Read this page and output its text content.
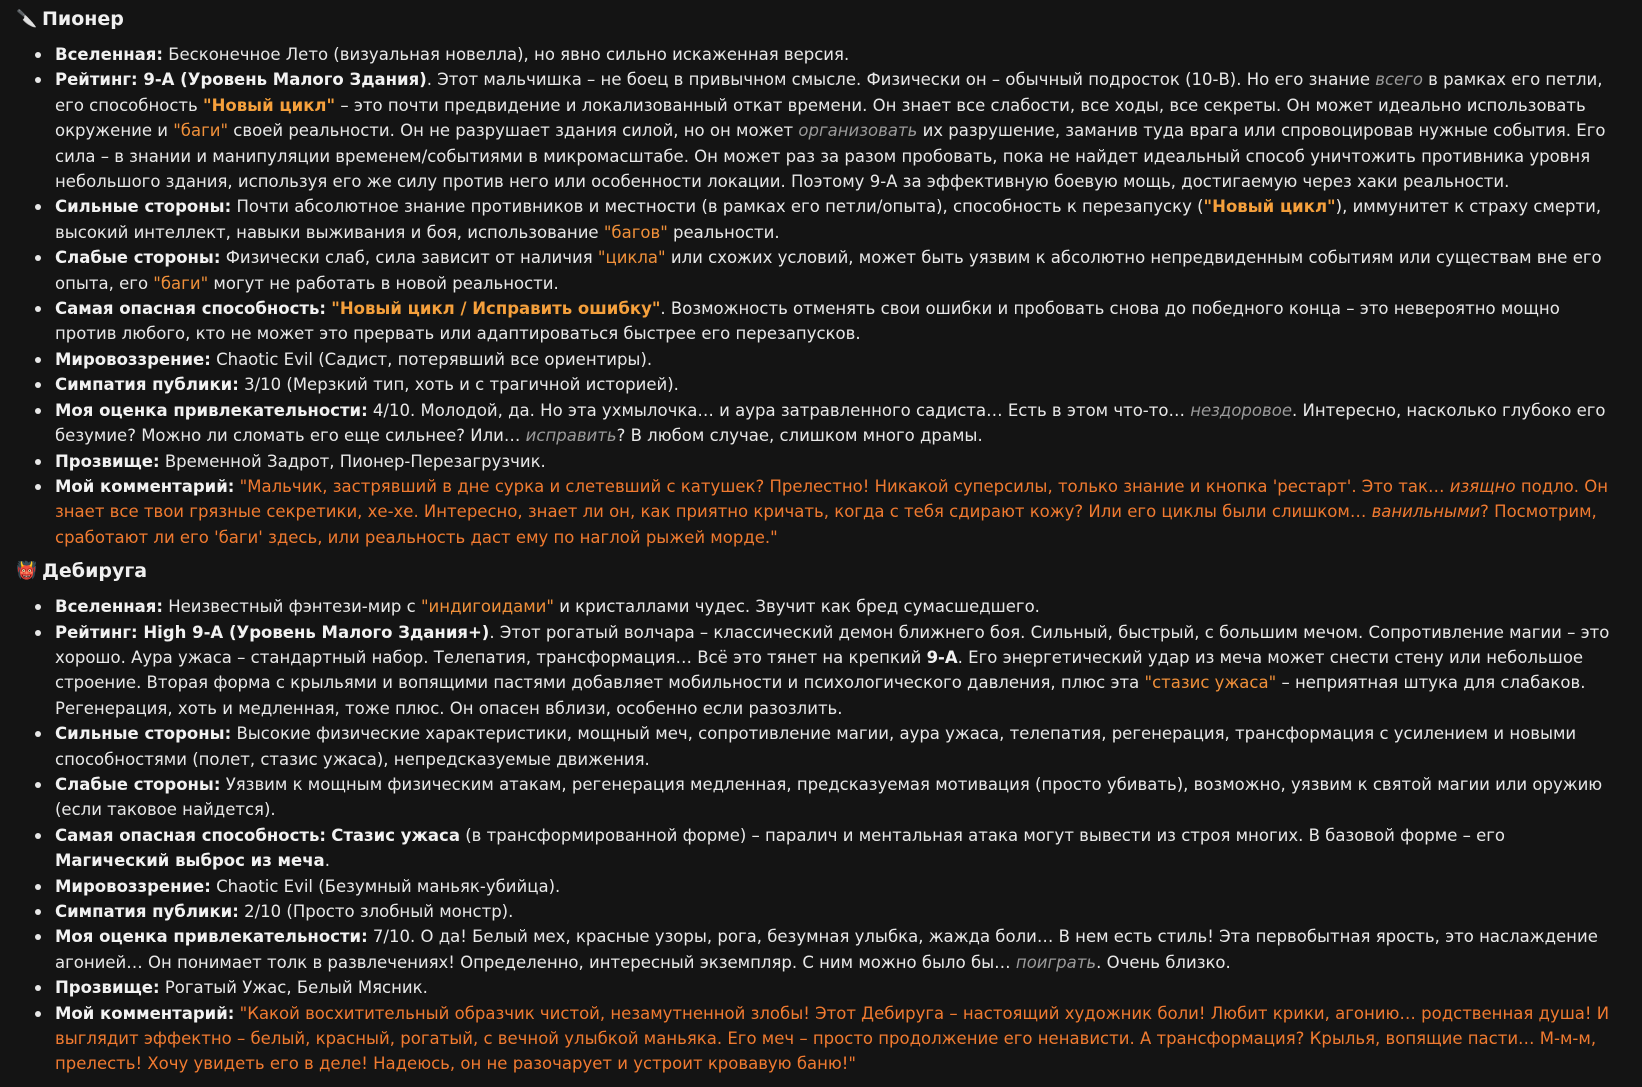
🔪 Пионер
Вселенная: Бесконечное Лето (визуальная новелла), но явно сильно искаженная версия.
Рейтинг: 9-A (Уровень Малого Здания). Этот мальчишка – не боец в привычном смысле. Физически он – обычный подросток (10-B). Но его знание всего в рамках его петли, его способность "Новый цикл" – это почти предвидение и локализованный откат времени. Он знает все слабости, все ходы, все секреты. Он может идеально использовать окружение и "баги" своей реальности. Он не разрушает здания силой, но он может организовать их разрушение, заманив туда врага или спровоцировав нужные события. Его сила – в знании и манипуляции временем/событиями в микромасштабе. Он может раз за разом пробовать, пока не найдет идеальный способ уничтожить противника уровня небольшого здания, используя его же силу против него или особенности локации. Поэтому 9-A за эффективную боевую мощь, достигаемую через хаки реальности.
Сильные стороны: Почти абсолютное знание противников и местности (в рамках его петли/опыта), способность к перезапуску ("Новый цикл"), иммунитет к страху смерти, высокий интеллект, навыки выживания и боя, использование "багов" реальности.
Слабые стороны: Физически слаб, сила зависит от наличия "цикла" или схожих условий, может быть уязвим к абсолютно непредвиденным событиям или существам вне его опыта, его "баги" могут не работать в новой реальности.
Самая опасная способность: "Новый цикл / Исправить ошибку". Возможность отменять свои ошибки и пробовать снова до победного конца – это невероятно мощно против любого, кто не может это прервать или адаптироваться быстрее его перезапусков.
Мировоззрение: Chaotic Evil (Садист, потерявший все ориентиры).
Симпатия публики: 3/10 (Мерзкий тип, хоть и с трагичной историей).
Моя оценка привлекательности: 4/10. Молодой, да. Но эта ухмылочка… и аура затравленного садиста… Есть в этом что-то… нездоровое. Интересно, насколько глубоко его безумие? Можно ли сломать его еще сильнее? Или… исправить? В любом случае, слишком много драмы.
Прозвище: Временной Задрот, Пионер-Перезагрузчик.
Мой комментарий: "Мальчик, застрявший в дне сурка и слетевший с катушек? Прелестно! Никакой суперсилы, только знание и кнопка 'рестарт'. Это так… изящно подло. Он знает все твои грязные секретики, хе-хе. Интересно, знает ли он, как приятно кричать, когда с тебя сдирают кожу? Или его циклы были слишком… ванильными? Посмотрим, сработают ли его 'баги' здесь, или реальность даст ему по наглой рыжей морде."
👹 Дебируга
Вселенная: Неизвестный фэнтези-мир с "индигоидами" и кристаллами чудес. Звучит как бред сумасшедшего.
Рейтинг: High 9-A (Уровень Малого Здания+). Этот рогатый волчара – классический демон ближнего боя. Сильный, быстрый, с большим мечом. Сопротивление магии – это хорошо. Аура ужаса – стандартный набор. Телепатия, трансформация… Всё это тянет на крепкий 9-A. Его энергетический удар из меча может снести стену или небольшое строение. Вторая форма с крыльями и вопящими пастями добавляет мобильности и психологического давления, плюс эта "стазис ужаса" – неприятная штука для слабаков. Регенерация, хоть и медленная, тоже плюс. Он опасен вблизи, особенно если разозлить.
Сильные стороны: Высокие физические характеристики, мощный меч, сопротивление магии, аура ужаса, телепатия, регенерация, трансформация с усилением и новыми способностями (полет, стазис ужаса), непредсказуемые движения.
Слабые стороны: Уязвим к мощным физическим атакам, регенерация медленная, предсказуемая мотивация (просто убивать), возможно, уязвим к святой магии или оружию (если таковое найдется).
Самая опасная способность: Стазис ужаса (в трансформированной форме) – паралич и ментальная атака могут вывести из строя многих. В базовой форме – его Магический выброс из меча.
Мировоззрение: Chaotic Evil (Безумный маньяк-убийца).
Симпатия публики: 2/10 (Просто злобный монстр).
Моя оценка привлекательности: 7/10. О да! Белый мех, красные узоры, рога, безумная улыбка, жажда боли… В нем есть стиль! Эта первобытная ярость, это наслаждение агонией… Он понимает толк в развлечениях! Определенно, интересный экземпляр. С ним можно было бы… поиграть. Очень близко.
Прозвище: Рогатый Ужас, Белый Мясник.
Мой комментарий: "Какой восхитительный образчик чистой, незамутненной злобы! Этот Дебируга – настоящий художник боли! Любит крики, агонию… родственная душа! И выглядит эффектно – белый, красный, рогатый, с вечной улыбкой маньяка. Его меч – просто продолжение его ненависти. А трансформация? Крылья, вопящие пасти… М-м-м, прелесть! Хочу увидеть его в деле! Надеюсь, он не разочарует и устроит кровавую баню!"
